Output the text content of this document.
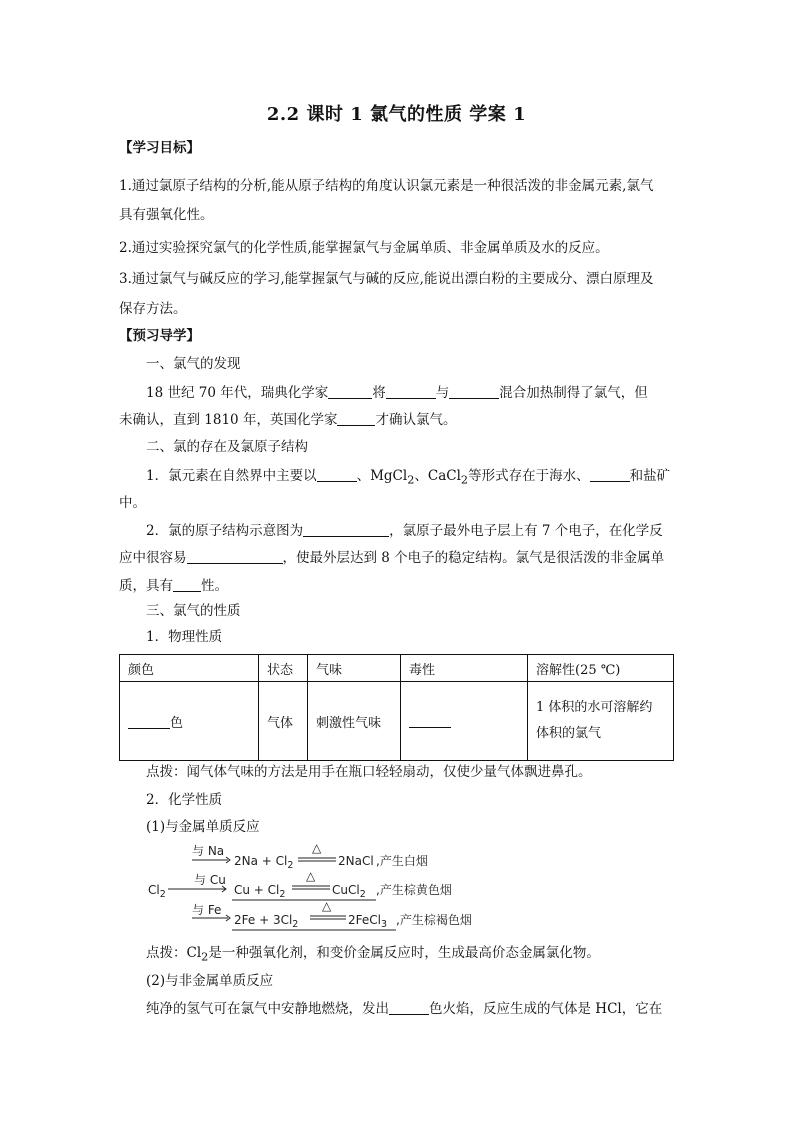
2.2 课时 1 氯气的性质 学案 1
【学习目标】
1.通过氯原子结构的分析,能从原子结构的角度认识氯元素是一种很活泼的非金属元素,氯气
具有强氧化性。
2.通过实验探究氯气的化学性质,能掌握氯气与金属单质、非金属单质及水的反应。
3.通过氯气与碱反应的学习,能掌握氯气与碱的反应,能说出漂白粉的主要成分、漂白原理及
保存方法。
【预习导学】
一、氯气的发现
18 世纪 70 年代，瑞典化学家	将	与	混合加热制得了氯气，但
未确认，直到 1810 年，英国化学家	才确认氯气。
二、氯的存在及氯原子结构
1．氯元素在自然界中主要以	、MgCl$_2$、CaCl$_2$等形式存在于海水、	和盐矿
中。
2．氯的原子结构示意图为	，氯原子最外电子层上有 7 个电子，在化学反
应中很容易	，使最外层达到 8 个电子的稳定结构。氯气是很活泼的非金属单
质，具有 性。
三、氯气的性质
1．物理性质
颜色	状态	气味	毒性	溶解性(25 ℃)
色	气体	刺激性气味		1 体积的水可溶解约
体积的氯气
点拨：闻气体气味的方法是用手在瓶口轻轻扇动，仅使少量气体飘进鼻孔。
2．化学性质
(1)与金属单质反应
$Cl_2$
与 Cu
与 Na
$2Na + Cl_2$
△
2NaCl ,产生白烟
$Cu + Cl_2$
△
CuCl$_2$ ,产生棕黄色烟
与 Fe
$2Fe + 3Cl_2$
△
2FeCl$_3$ ,产生棕褐色烟
点拨：$Cl_2$是一种强氧化剂，和变价金属反应时，生成最高价态金属氯化物。
(2)与非金属单质反应
纯净的氢气可在氯气中安静地燃烧，发出	色火焰，反应生成的气体是 HCl，它在
